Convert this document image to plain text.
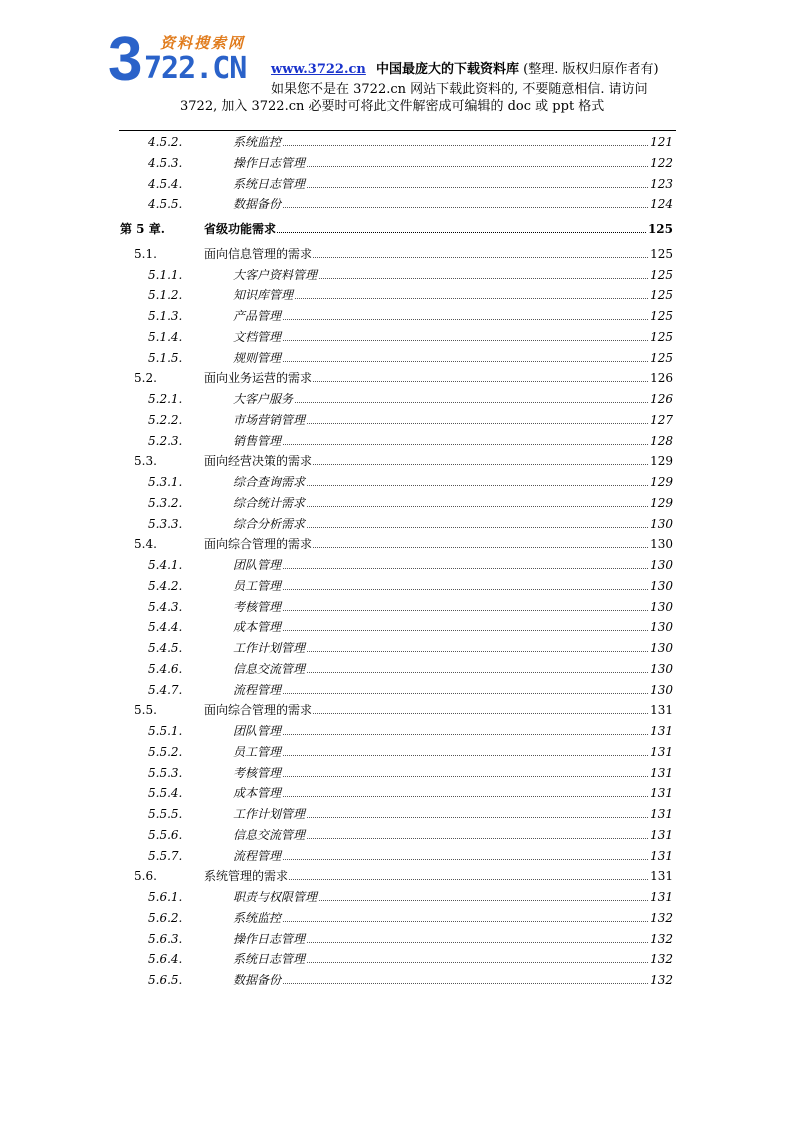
3 资料搜索网
722.CN www.3722.cn 中国最庞大的下载资料库 (整理. 版权归原作者有)
如果您不是在 3722.cn 网站下载此资料的, 不要随意相信. 请访问
3722, 加入 3722.cn 必要时可将此文件解密成可编辑的 doc 或 ppt 格式
4.5.2.	系统监控	121
4.5.3.	操作日志管理	122
4.5.4.	系统日志管理	123
4.5.5.	数据备份	124
第 5 章.	省级功能需求	125
5.1.	面向信息管理的需求	125
5.1.1.	大客户资料管理	125
5.1.2.	知识库管理	125
5.1.3.	产品管理	125
5.1.4.	文档管理	125
5.1.5.	规则管理	125
5.2.	面向业务运营的需求	126
5.2.1.	大客户服务	126
5.2.2.	市场营销管理	127
5.2.3.	销售管理	128
5.3.	面向经营决策的需求	129
5.3.1.	综合查询需求	129
5.3.2.	综合统计需求	129
5.3.3.	综合分析需求	130
5.4.	面向综合管理的需求	130
5.4.1.	团队管理	130
5.4.2.	员工管理	130
5.4.3.	考核管理	130
5.4.4.	成本管理	130
5.4.5.	工作计划管理	130
5.4.6.	信息交流管理	130
5.4.7.	流程管理	130
5.5.	面向综合管理的需求	131
5.5.1.	团队管理	131
5.5.2.	员工管理	131
5.5.3.	考核管理	131
5.5.4.	成本管理	131
5.5.5.	工作计划管理	131
5.5.6.	信息交流管理	131
5.5.7.	流程管理	131
5.6.	系统管理的需求	131
5.6.1.	职责与权限管理	131
5.6.2.	系统监控	132
5.6.3.	操作日志管理	132
5.6.4.	系统日志管理	132
5.6.5.	数据备份	132
